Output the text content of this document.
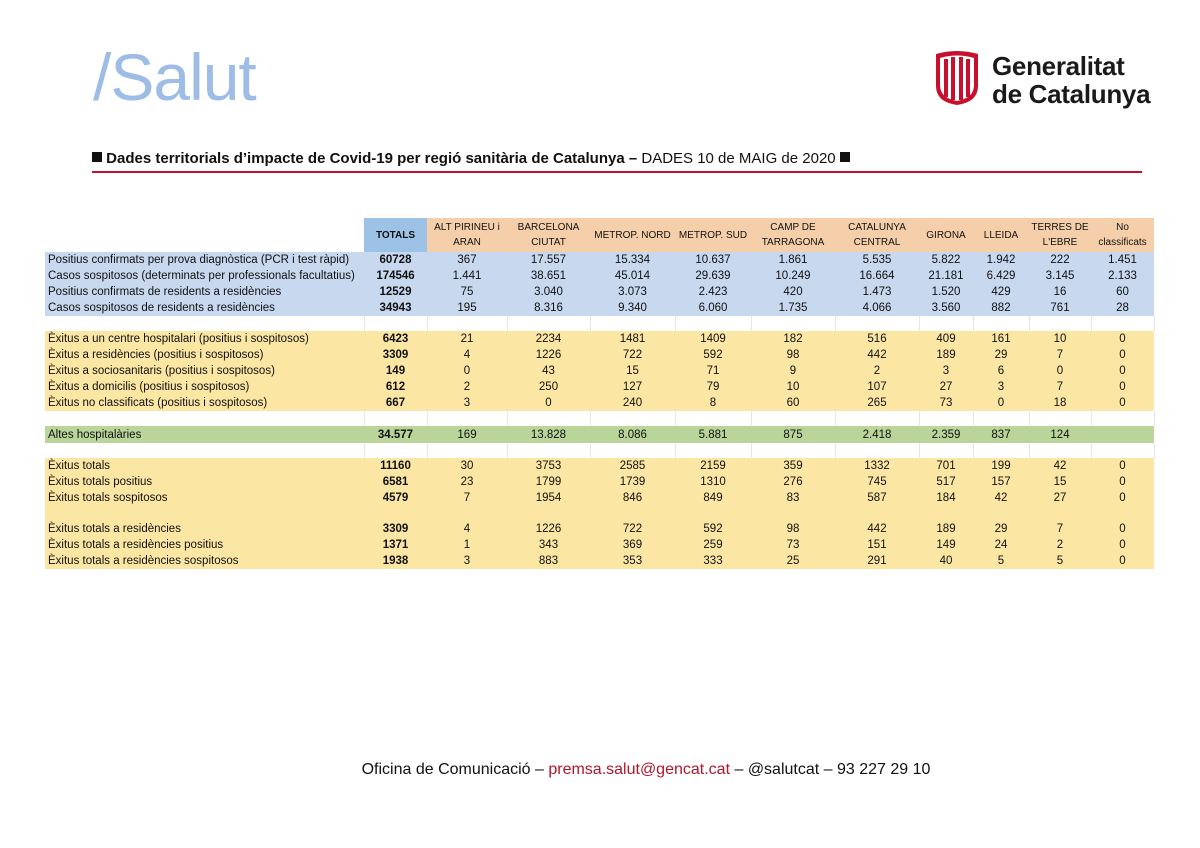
/Salut	Generalitat
de Catalunya
Dades territorials d’impacte de Covid-19 per regió sanitària de Catalunya – DADES 10 de MAIG de 2020
	TOTALS	ALT PIRINEU i ARAN	BARCELONA CIUTAT	METROP. NORD	METROP. SUD	CAMP DE TARRAGONA	CATALUNYA CENTRAL	GIRONA	LLEIDA	TERRES DE L'EBRE	No classificats
Positius confirmats per prova diagnòstica (PCR i test ràpid)	60728	367	17.557	15.334	10.637	1.861	5.535	5.822	1.942	222	1.451
Casos sospitosos (determinats per professionals facultatius)	174546	1.441	38.651	45.014	29.639	10.249	16.664	21.181	6.429	3.145	2.133
Positius confirmats de residents a residències	12529	75	3.040	3.073	2.423	420	1.473	1.520	429	16	60
Casos sospitosos de residents a residències	34943	195	8.316	9.340	6.060	1.735	4.066	3.560	882	761	28

Èxitus a un centre hospitalari (positius i sospitosos)	6423	21	2234	1481	1409	182	516	409	161	10	0
Èxitus a residències (positius i sospitosos)	3309	4	1226	722	592	98	442	189	29	7	0
Èxitus a sociosanitaris (positius i sospitosos)	149	0	43	15	71	9	2	3	6	0	0
Èxitus a domicilis (positius i sospitosos)	612	2	250	127	79	10	107	27	3	7	0
Èxitus no classificats (positius i sospitosos)	667	3	0	240	8	60	265	73	0	18	0

Altes hospitalàries	34.577	169	13.828	8.086	5.881	875	2.418	2.359	837	124	

Èxitus totals	11160	30	3753	2585	2159	359	1332	701	199	42	0
Èxitus totals positius	6581	23	1799	1739	1310	276	745	517	157	15	0
Èxitus totals sospitosos	4579	7	1954	846	849	83	587	184	42	27	0

Èxitus totals a residències	3309	4	1226	722	592	98	442	189	29	7	0
Èxitus totals a residències positius	1371	1	343	369	259	73	151	149	24	2	0
Èxitus totals a residències sospitosos	1938	3	883	353	333	25	291	40	5	5	0
Oficina de Comunicació – premsa.salut@gencat.cat – @salutcat – 93 227 29 10
